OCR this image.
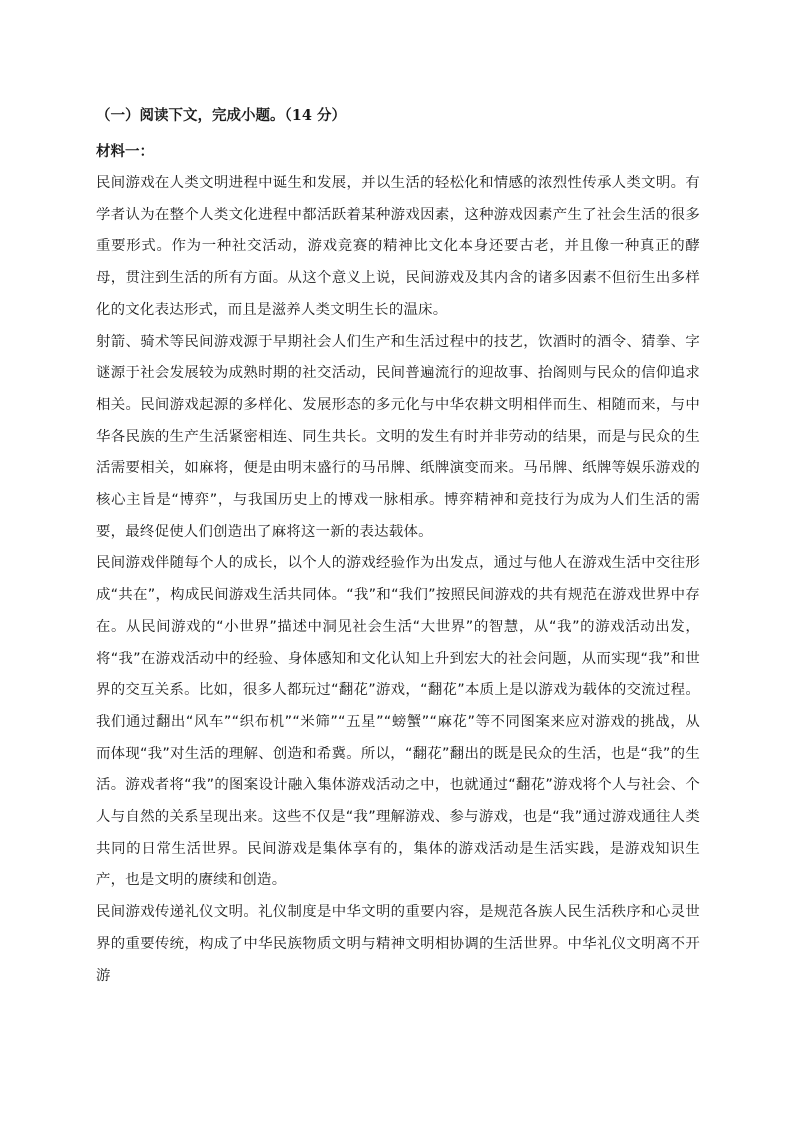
（一）阅读下文，完成小题。（14 分）

材料一：

民间游戏在人类文明进程中诞生和发展，并以生活的轻松化和情感的浓烈性传承人类文明。有学者认为在整个人类文化进程中都活跃着某种游戏因素，这种游戏因素产生了社会生活的很多重要形式。作为一种社交活动，游戏竞赛的精神比文化本身还要古老，并且像一种真正的酵母，贯注到生活的所有方面。从这个意义上说，民间游戏及其内含的诸多因素不但衍生出多样化的文化表达形式，而且是滋养人类文明生长的温床。

射箭、骑术等民间游戏源于早期社会人们生产和生活过程中的技艺，饮酒时的酒令、猜拳、字谜源于社会发展较为成熟时期的社交活动，民间普遍流行的迎故事、抬阁则与民众的信仰追求相关。民间游戏起源的多样化、发展形态的多元化与中华农耕文明相伴而生、相随而来，与中华各民族的生产生活紧密相连、同生共长。文明的发生有时并非劳动的结果，而是与民众的生活需要相关，如麻将，便是由明末盛行的马吊牌、纸牌演变而来。马吊牌、纸牌等娱乐游戏的核心主旨是“博弈”，与我国历史上的博戏一脉相承。博弈精神和竞技行为成为人们生活的需要，最终促使人们创造出了麻将这一新的表达载体。

民间游戏伴随每个人的成长，以个人的游戏经验作为出发点，通过与他人在游戏生活中交往形成“共在”，构成民间游戏生活共同体。“我”和“我们”按照民间游戏的共有规范在游戏世界中存在。从民间游戏的“小世界”描述中洞见社会生活“大世界”的智慧，从“我”的游戏活动出发，将“我”在游戏活动中的经验、身体感知和文化认知上升到宏大的社会问题，从而实现“我”和世界的交互关系。比如，很多人都玩过“翻花”游戏，“翻花”本质上是以游戏为载体的交流过程。我们通过翻出“风车”“织布机”“米筛”“五星”“螃蟹”“麻花”等不同图案来应对游戏的挑战，从而体现“我”对生活的理解、创造和希冀。所以，“翻花”翻出的既是民众的生活，也是“我”的生活。游戏者将“我”的图案设计融入集体游戏活动之中，也就通过“翻花”游戏将个人与社会、个人与自然的关系呈现出来。这些不仅是“我”理解游戏、参与游戏，也是“我”通过游戏通往人类共同的日常生活世界。民间游戏是集体享有的，集体的游戏活动是生活实践，是游戏知识生产，也是文明的赓续和创造。

民间游戏传递礼仪文明。礼仪制度是中华文明的重要内容，是规范各族人民生活秩序和心灵世界的重要传统，构成了中华民族物质文明与精神文明相协调的生活世界。中华礼仪文明离不开游
